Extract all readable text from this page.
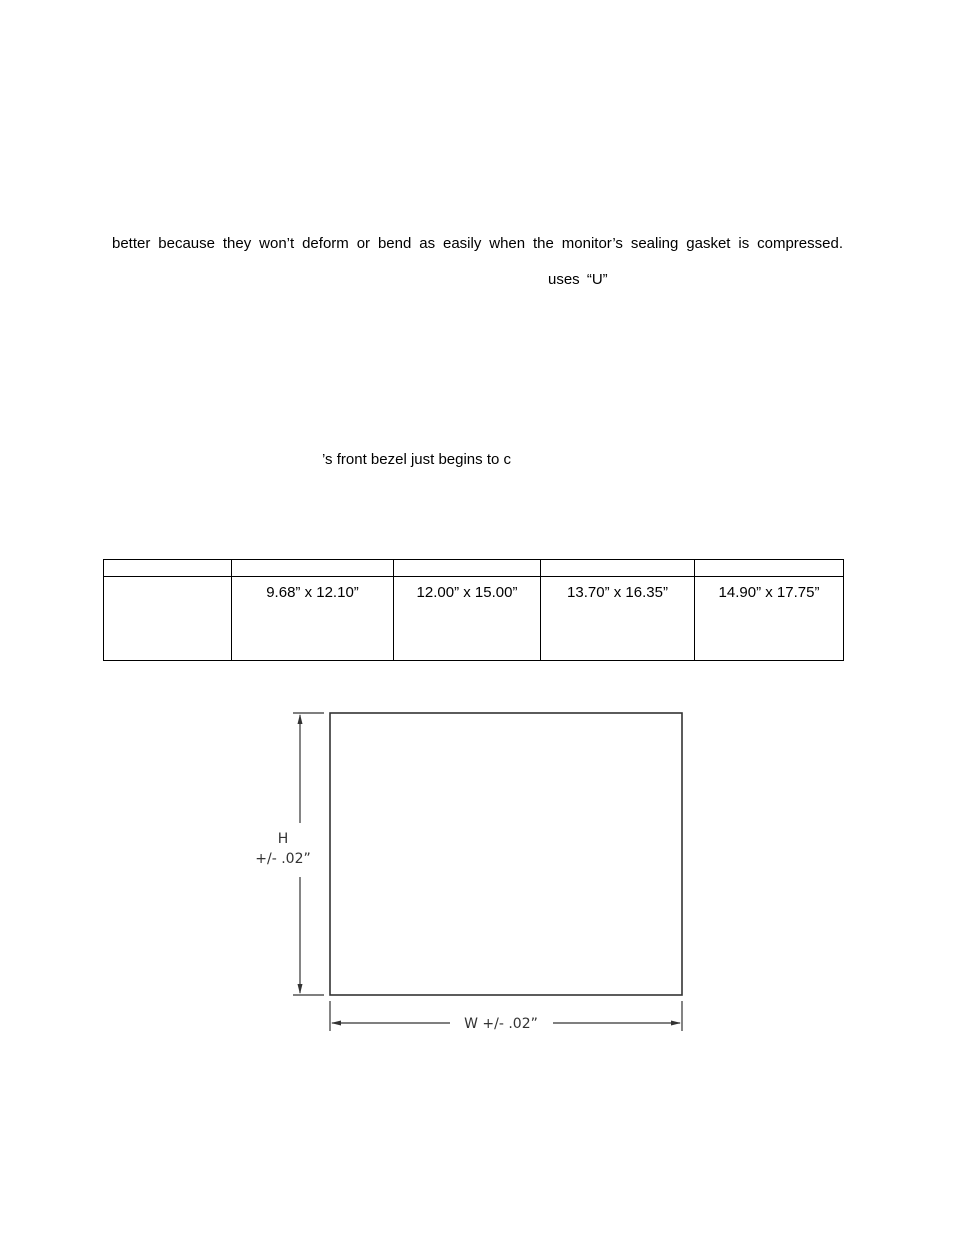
better because they won’t deform or bend as easily when the monitor’s sealing gasket is compressed.
uses “U”
’s front bezel just begins to c

	9.68” x 12.10”	12.00” x 15.00”	13.70” x 16.35”	14.90” x 17.75”
H
+/- .02”
W +/- .02”
